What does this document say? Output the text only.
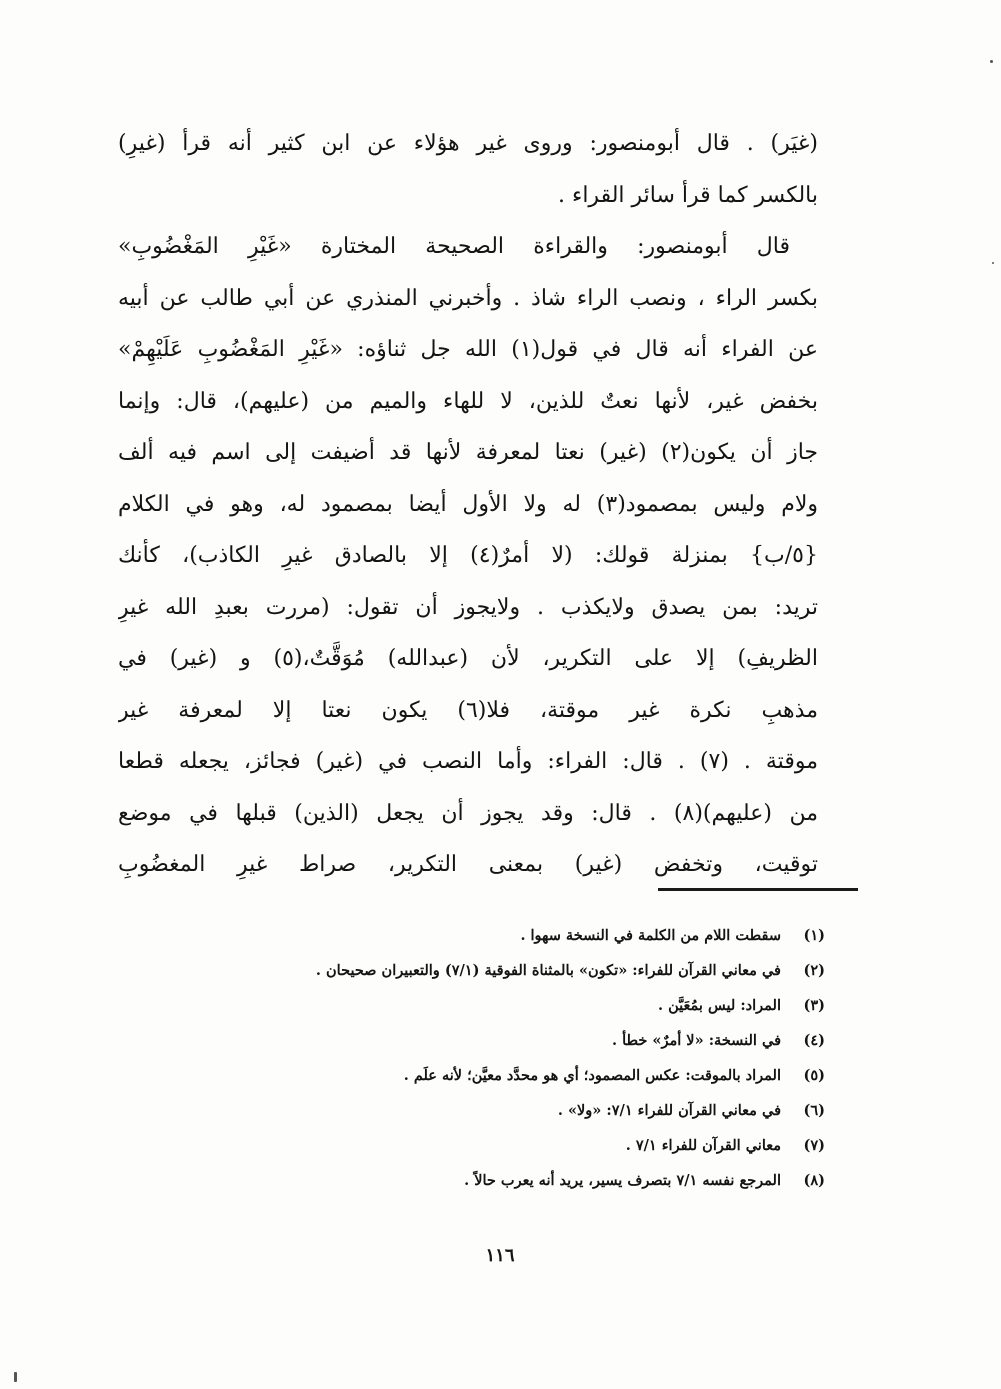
(غيَر) . قال أبومنصور: وروى غير هؤلاء عن ابن كثير أنه قرأ (غيرِ)
بالكسر كما قرأ سائر القراء .
قال أبومنصور: والقراءة الصحيحة المختارة «غَيْرِ المَغْضُوبِ»
بكسر الراء ، ونصب الراء شاذ . وأخبرني المنذري عن أبي طالب عن أبيه
عن الفراء أنه قال في قول(١) الله جل ثناؤه: «غَيْرِ المَغْضُوبِ عَلَيْهِمْ»
بخفض غير، لأنها نعتٌ للذين، لا للهاء والميم من (عليهم)، قال: وإنما
جاز أن يكون(٢) (غير) نعتا لمعرفة لأنها قد أضيفت إلى اسم فيه ألف
ولام وليس بمصمود(٣) له ولا الأول أيضا بمصمود له، وهو في الكلام
{٥/ب} بمنزلة قولك: (لا أمرٌ(٤) إلا بالصادق غيرِ الكاذب)، كأنك
تريد: بمن يصدق ولايكذب . ولايجوز أن تقول: (مررت بعبدِ الله غيرِ
الظريفِ) إلا على التكرير، لأن (عبدالله) مُوَقَّتٌ،(٥) و (غير) في
مذهبِ نكرة غير موقتة، فلا(٦) يكون نعتا إلا لمعرفة غير
موقتة . (٧) . قال: الفراء: وأما النصب في (غير) فجائز، يجعله قطعا
من (عليهم)(٨) . قال: وقد يجوز أن يجعل (الذين) قبلها في موضع
توقيت، وتخفض (غير) بمعنى التكرير، صراط غيرِ المغضُوبِ
(١)
سقطت اللام من الكلمة في النسخة سهوا .
(٢)
في معاني القرآن للفراء: «تكون» بالمثناة الفوقية (٧/١) والتعبيران صحيحان .
(٣)
المراد: ليس بمُعَيَّن .
(٤)
في النسخة: «لا أمرٌ» خطأ .
(٥)
المراد بالموقت: عكس المصمود؛ أي هو محدَّد معيَّن؛ لأنه علَم .
(٦)
في معاني القرآن للفراء ٧/١: «ولا» .
(٧)
معاني القرآن للفراء ٧/١ .
(٨)
المرجع نفسه ٧/١ بتصرف يسير، يريد أنه يعرب حالاً .
١١٦
